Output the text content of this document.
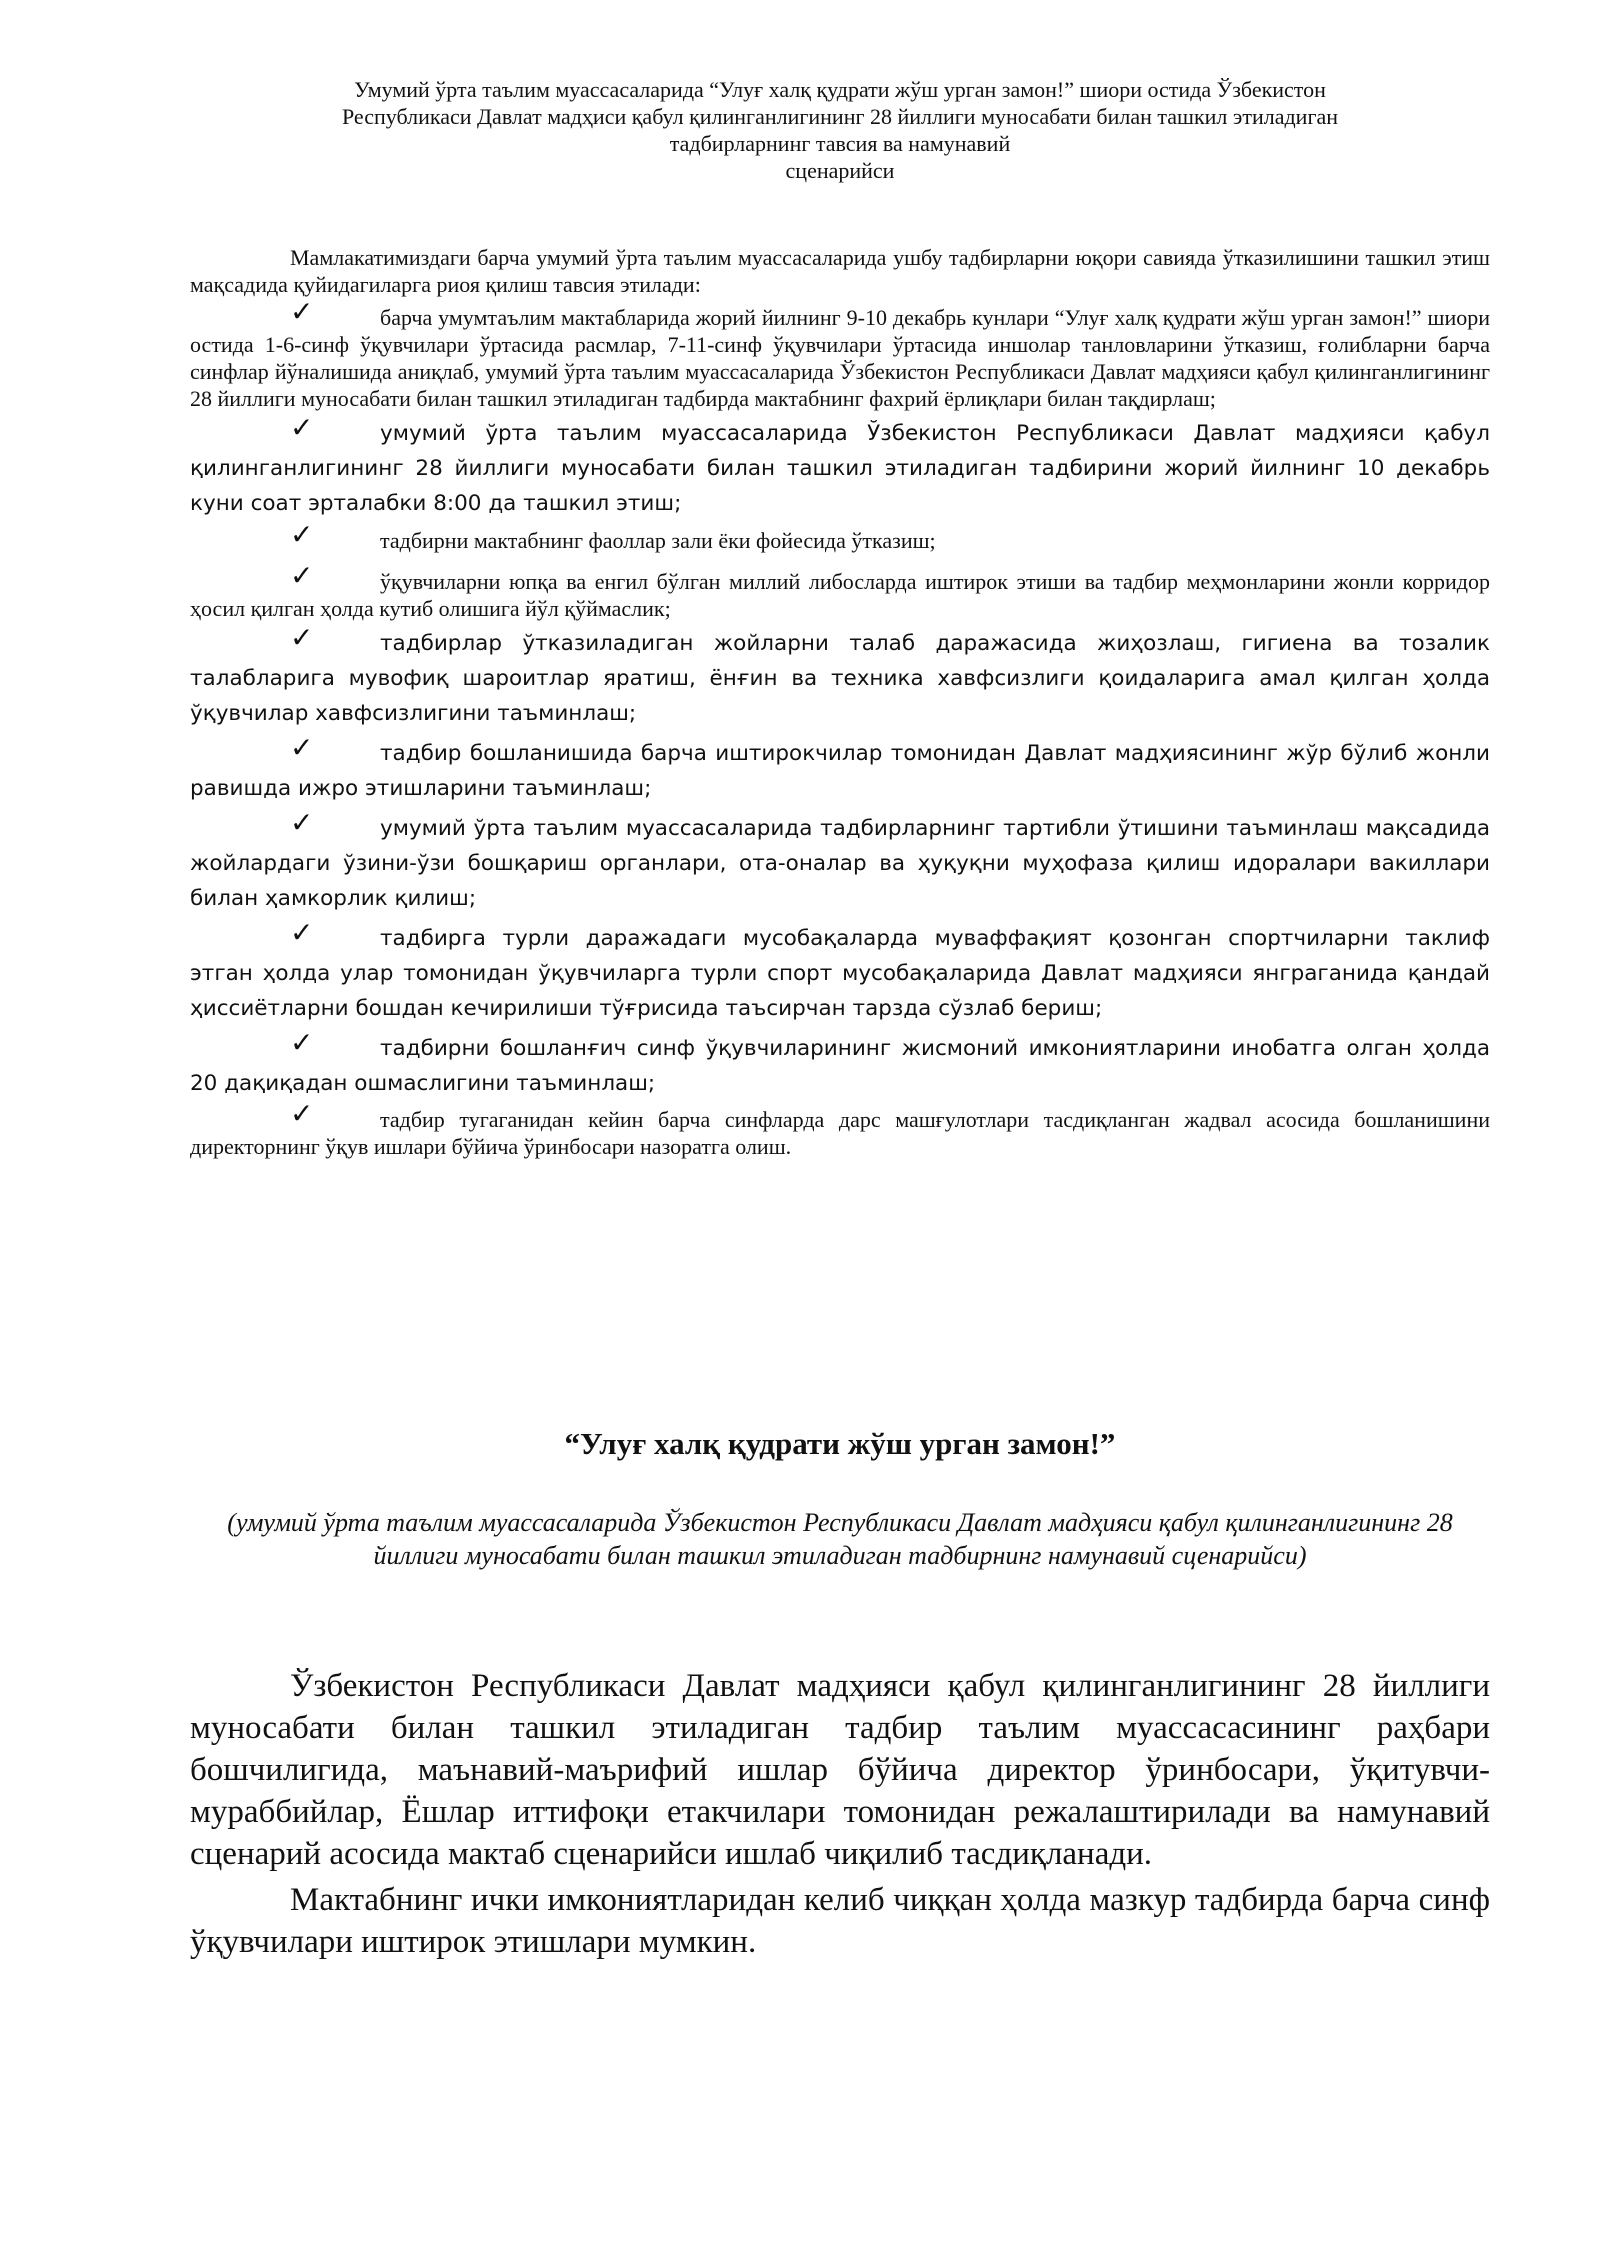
Умумий ўрта таълим муассасаларида “Улуғ халқ қудрати жўш урган замон!” шиори остида Ўзбекистон
Республикаси Давлат мадҳиси қабул қилинганлигининг 28 йиллиги муносабати билан ташкил этиладиган
тадбирларнинг тавсия ва намунавий
сценарийси

Мамлакатимиздаги барча умумий ўрта таълим муассасаларида ушбу тадбирларни юқори савияда ўтказилишини ташкил этиш мақсадида қуйидагиларга риоя қилиш тавсия этилади:

✓	барча умумтаълим мактабларида жорий йилнинг 9-10 декабрь кунлари “Улуғ халқ қудрати жўш урган замон!” шиори остида 1-6-синф ўқувчилари ўртасида расмлар, 7-11-синф ўқувчилари ўртасида иншолар танловларини ўтказиш, ғолибларни барча синфлар йўналишида аниқлаб, умумий ўрта таълим муассасаларида Ўзбекистон Республикаси Давлат мадҳияси қабул қилинганлигининг 28 йиллиги муносабати билан ташкил этиладиган тадбирда мактабнинг фахрий ёрлиқлари билан тақдирлаш;
✓	умумий ўрта таълим муассасаларида Ўзбекистон Республикаси Давлат мадҳияси қабул қилинганлигининг 28 йиллиги муносабати билан ташкил этиладиган тадбирини жорий йилнинг 10 декабрь куни соат эрталабки 8:00 да ташкил этиш;
✓	тадбирни мактабнинг фаоллар зали ёки фойесида ўтказиш;
✓	ўқувчиларни юпқа ва енгил бўлган миллий либосларда иштирок этиши ва тадбир меҳмонларини жонли корридор ҳосил қилган ҳолда кутиб олишига йўл қўймаслик;
✓	тадбирлар ўтказиладиган жойларни талаб даражасида жиҳозлаш, гигиена ва тозалик талабларига мувофиқ шароитлар яратиш, ёнғин ва техника хавфсизлиги қоидаларига амал қилган ҳолда ўқувчилар хавфсизлигини таъминлаш;
✓	тадбир бошланишида барча иштирокчилар томонидан Давлат мадҳиясининг жўр бўлиб жонли равишда ижро этишларини таъминлаш;
✓	умумий ўрта таълим муассасаларида тадбирларнинг тартибли ўтишини таъминлаш мақсадида жойлардаги ўзини-ўзи бошқариш органлари, ота-оналар ва ҳуқуқни муҳофаза қилиш идоралари вакиллари билан ҳамкорлик қилиш;
✓	тадбирга турли даражадаги мусобақаларда муваффақият қозонган спортчиларни таклиф этган ҳолда улар томонидан ўқувчиларга турли спорт мусобақаларида Давлат мадҳияси янграганида қандай ҳиссиётларни бошдан кечирилиши тўғрисида таъсирчан тарзда сўзлаб бериш;
✓	тадбирни бошланғич синф ўқувчиларининг жисмоний имкониятларини инобатга олган ҳолда 20 дақиқадан ошмаслигини таъминлаш;
✓	тадбир тугаганидан кейин барча синфларда дарс машғулотлари тасдиқланган жадвал асосида бошланишини директорнинг ўқув ишлари бўйича ўринбосари назоратга олиш.
“Улуғ халқ қудрати жўш урган замон!”
(умумий ўрта таълим муассасаларида Ўзбекистон Республикаси Давлат мадҳияси қабул қилинганлигининг 28 йиллиги муносабати билан ташкил этиладиган тадбирнинг намунавий сценарийси)

Ўзбекистон Республикаси Давлат мадҳияси қабул қилинганлигининг 28 йиллиги муносабати билан ташкил этиладиган тадбир таълим муассасасининг раҳбари бошчилигида, маънавий-маърифий ишлар бўйича директор ўринбосари, ўқитувчи-мураббийлар, Ёшлар иттифоқи етакчилари томонидан режалаштирилади ва намунавий сценарий асосида мактаб сценарийси ишлаб чиқилиб тасдиқланади.

Мактабнинг ички имкониятларидан келиб чиққан ҳолда мазкур тадбирда барча синф ўқувчилари иштирок этишлари мумкин.
